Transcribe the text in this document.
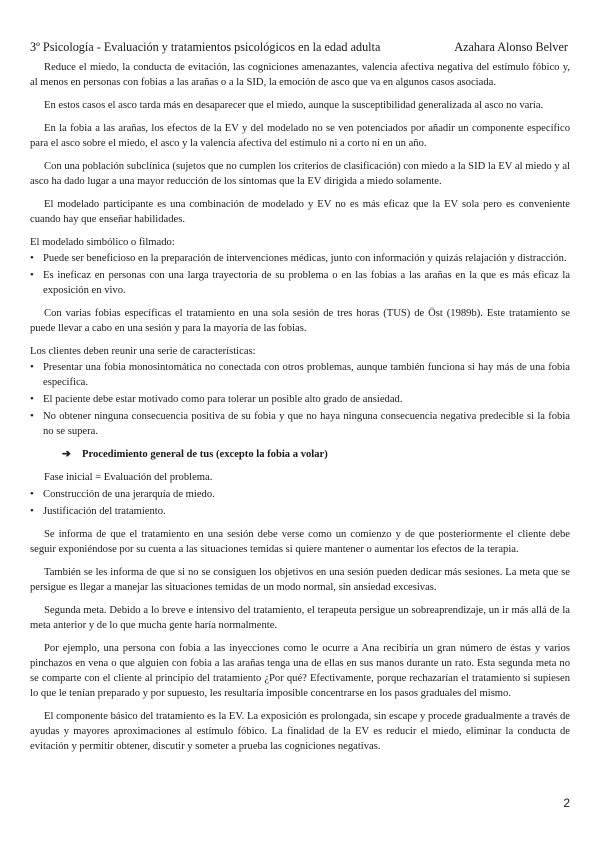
3º Psicología - Evaluación y tratamientos psicológicos en la edad adulta	Azahara Alonso Belver

Reduce el miedo, la conducta de evitación, las cogniciones amenazantes, valencia afectiva negativa del estímulo fóbico y, al menos en personas con fobias a las arañas o a la SID, la emoción de asco que va en algunos casos asociada.

En estos casos el asco tarda más en desaparecer que el miedo, aunque la susceptibilidad generalizada al asco no varía.

En la fobia a las arañas, los efectos de la EV y del modelado no se ven potenciados por añadir un componente específico para el asco sobre el miedo, el asco y la valencia afectiva del estímulo ni a corto ni en un año.

Con una población subclínica (sujetos que no cumplen los criterios de clasificación) con miedo a la SID la EV al miedo y al asco ha dado lugar a una mayor reducción de los síntomas que la EV dirigida a miedo solamente.

El modelado participante es una combinación de modelado y EV no es más eficaz que la EV sola pero es conveniente cuando hay que enseñar habilidades.

El modelado simbólico o filmado:

• Puede ser beneficioso en la preparación de intervenciones médicas, junto con información y quizás relajación y distracción.
• Es ineficaz en personas con una larga trayectoria de su problema o en las fobias a las arañas en la que es más eficaz la exposición en vivo.

Con varias fobias específicas el tratamiento en una sola sesión de tres horas (TUS) de Öst (1989b). Este tratamiento se puede llevar a cabo en una sesión y para la mayoría de las fobias.

Los clientes deben reunir una serie de características:

• Presentar una fobia monosintomática no conectada con otros problemas, aunque también funciona si hay más de una fobia específica.
• El paciente debe estar motivado como para tolerar un posible alto grado de ansiedad.
• No obtener ninguna consecuencia positiva de su fobia y que no haya ninguna consecuencia negativa predecible si la fobia no se supera.
➔ Procedimiento general de tus (excepto la fobia a volar)

Fase inicial = Evaluación del problema.

• Construcción de una jerarquía de miedo.
• Justificación del tratamiento.

Se informa de que el tratamiento en una sesión debe verse como un comienzo y de que posteriormente el cliente debe seguir exponiéndose por su cuenta a las situaciones temidas si quiere mantener o aumentar los efectos de la terapia.

También se les informa de que si no se consiguen los objetivos en una sesión pueden dedicar más sesiones. La meta que se persigue es llegar a manejar las situaciones temidas de un modo normal, sin ansiedad excesivas.

Segunda meta. Debido a lo breve e intensivo del tratamiento, el terapeuta persigue un sobreaprendizaje, un ir más allá de la meta anterior y de lo que mucha gente haría normalmente.

Por ejemplo, una persona con fobia a las inyecciones como le ocurre a Ana recibiría un gran número de éstas y varios pinchazos en vena o que alguien con fobia a las arañas tenga una de ellas en sus manos durante un rato. Esta segunda meta no se comparte con el cliente al principio del tratamiento ¿Por qué? Efectivamente, porque rechazarían el tratamiento si supiesen lo que le tenían preparado y por supuesto, les resultaría imposible concentrarse en los pasos graduales del mismo.

El componente básico del tratamiento es la EV. La exposición es prolongada, sin escape y procede gradualmente a través de ayudas y mayores aproximaciones al estímulo fóbico. La finalidad de la EV es reducir el miedo, eliminar la conducta de evitación y permitir obtener, discutir y someter a prueba las cogniciones negativas.

2
